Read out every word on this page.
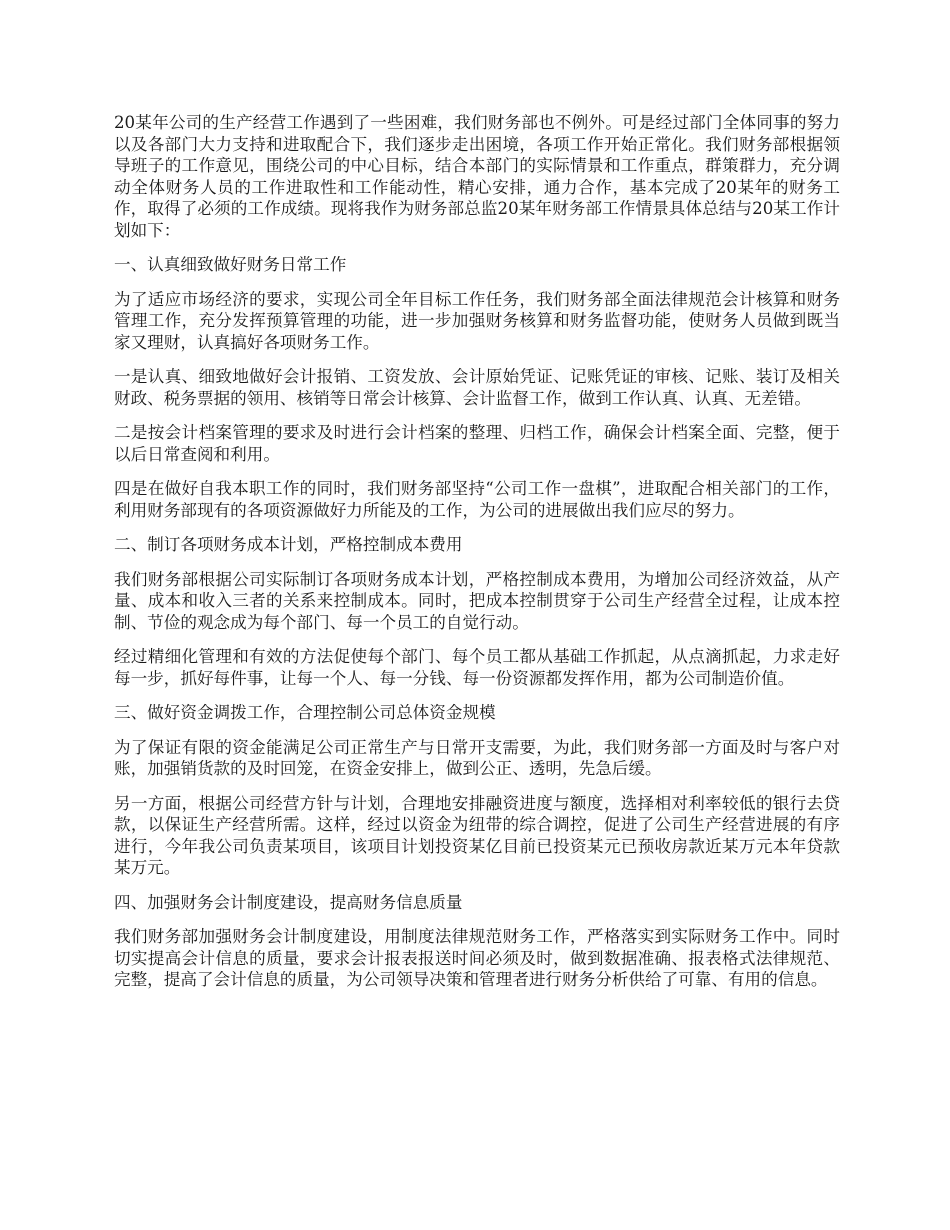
20某年公司的生产经营工作遇到了一些困难，我们财务部也不例外。可是经过部门全体同事的努力以及各部门大力支持和进取配合下，我们逐步走出困境，各项工作开始正常化。我们财务部根据领导班子的工作意见，围绕公司的中心目标，结合本部门的实际情景和工作重点，群策群力，充分调动全体财务人员的工作进取性和工作能动性，精心安排，通力合作，基本完成了20某年的财务工作，取得了必须的工作成绩。现将我作为财务部总监20某年财务部工作情景具体总结与20某工作计划如下：

一、认真细致做好财务日常工作

为了适应市场经济的要求，实现公司全年目标工作任务，我们财务部全面法律规范会计核算和财务管理工作，充分发挥预算管理的功能，进一步加强财务核算和财务监督功能，使财务人员做到既当家又理财，认真搞好各项财务工作。

一是认真、细致地做好会计报销、工资发放、会计原始凭证、记账凭证的审核、记账、装订及相关财政、税务票据的领用、核销等日常会计核算、会计监督工作，做到工作认真、认真、无差错。

二是按会计档案管理的要求及时进行会计档案的整理、归档工作，确保会计档案全面、完整，便于以后日常查阅和利用。

四是在做好自我本职工作的同时，我们财务部坚持“公司工作一盘棋”，进取配合相关部门的工作，利用财务部现有的各项资源做好力所能及的工作，为公司的进展做出我们应尽的努力。

二、制订各项财务成本计划，严格控制成本费用

我们财务部根据公司实际制订各项财务成本计划，严格控制成本费用，为增加公司经济效益，从产量、成本和收入三者的关系来控制成本。同时，把成本控制贯穿于公司生产经营全过程，让成本控制、节俭的观念成为每个部门、每一个员工的自觉行动。

经过精细化管理和有效的方法促使每个部门、每个员工都从基础工作抓起，从点滴抓起，力求走好每一步，抓好每件事，让每一个人、每一分钱、每一份资源都发挥作用，都为公司制造价值。

三、做好资金调拨工作，合理控制公司总体资金规模

为了保证有限的资金能满足公司正常生产与日常开支需要，为此，我们财务部一方面及时与客户对账，加强销货款的及时回笼，在资金安排上，做到公正、透明，先急后缓。

另一方面，根据公司经营方针与计划，合理地安排融资进度与额度，选择相对利率较低的银行去贷款，以保证生产经营所需。这样，经过以资金为纽带的综合调控，促进了公司生产经营进展的有序进行，今年我公司负责某项目，该项目计划投资某亿目前已投资某元已预收房款近某万元本年贷款某万元。

四、加强财务会计制度建设，提高财务信息质量

我们财务部加强财务会计制度建设，用制度法律规范财务工作，严格落实到实际财务工作中。同时切实提高会计信息的质量，要求会计报表报送时间必须及时，做到数据准确、报表格式法律规范、完整，提高了会计信息的质量，为公司领导决策和管理者进行财务分析供给了可靠、有用的信息。
